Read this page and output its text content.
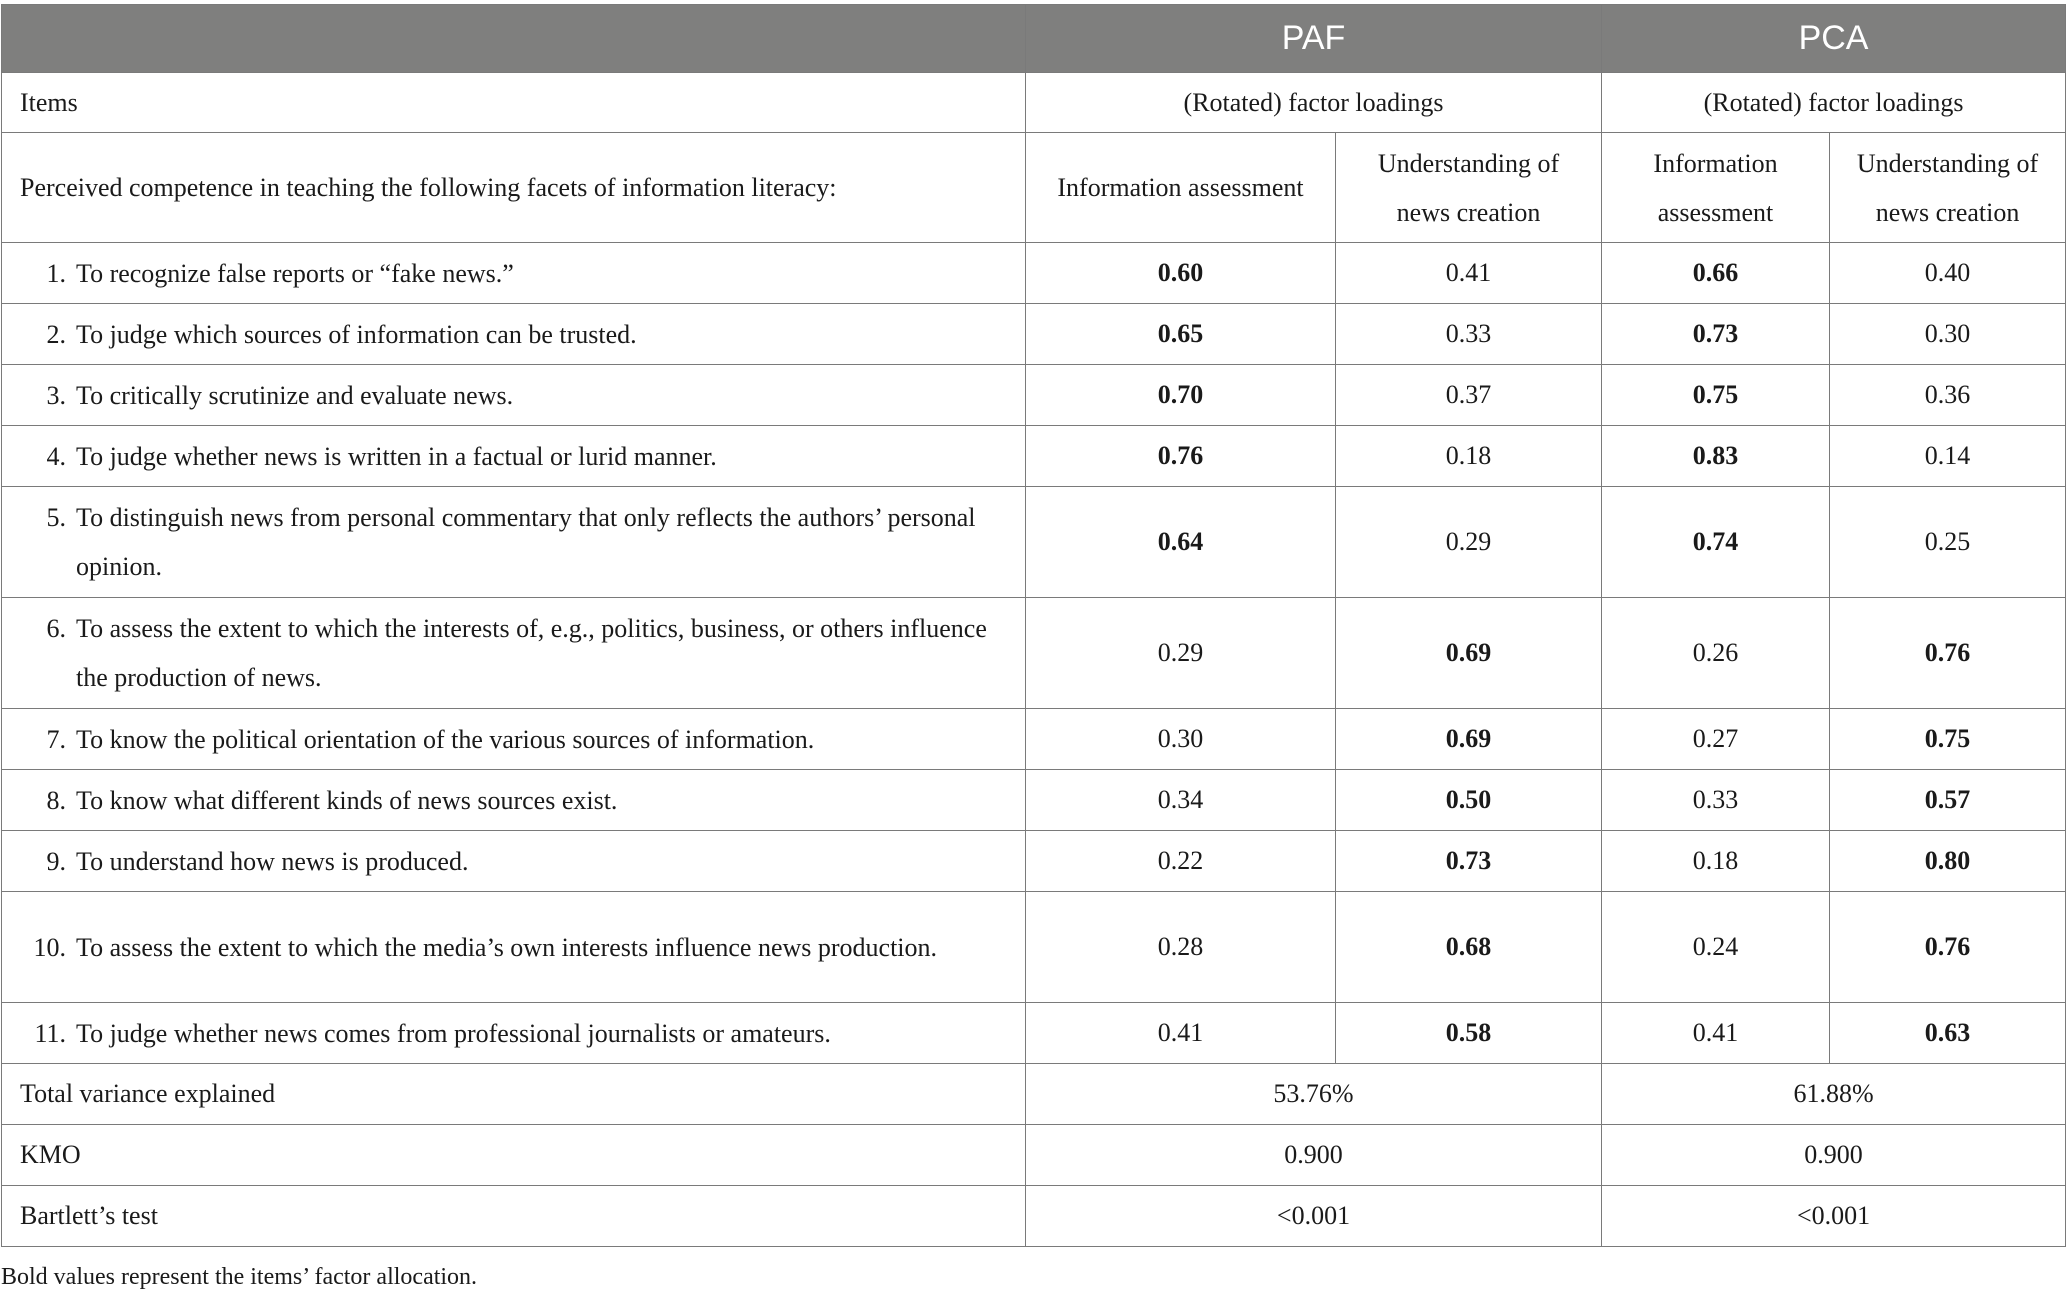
	PAF		PCA	
Items	(Rotated) factor loadings		(Rotated) factor loadings	
Perceived competence in teaching the following facets of information literacy:	Information assessment	Understanding of news creation	Information assessment	Understanding of news creation

1. To recognize false reports or “fake news.”	0.60	0.41	0.66	0.40

2. To judge which sources of information can be trusted.	0.65	0.33	0.73	0.30

3. To critically scrutinize and evaluate news.	0.70	0.37	0.75	0.36

4. To judge whether news is written in a factual or lurid manner.	0.76	0.18	0.83	0.14

5. To distinguish news from personal commentary that only reflects the authors’ personal opinion.	0.64	0.29	0.74	0.25

6. To assess the extent to which the interests of, e.g., politics, business, or others influence the production of news.	0.29	0.69	0.26	0.76

7. To know the political orientation of the various sources of information.	0.30	0.69	0.27	0.75

8. To know what different kinds of news sources exist.	0.34	0.50	0.33	0.57

9. To understand how news is produced.	0.22	0.73	0.18	0.80

10. To assess the extent to which the media’s own interests influence news production.	0.28	0.68	0.24	0.76

11. To judge whether news comes from professional journalists or amateurs.	0.41	0.58	0.41	0.63
Total variance explained	53.76%		61.88%	
KMO	0.900		0.900	
Bartlett’s test	<0.001		<0.001	
Bold values represent the items’ factor allocation.
